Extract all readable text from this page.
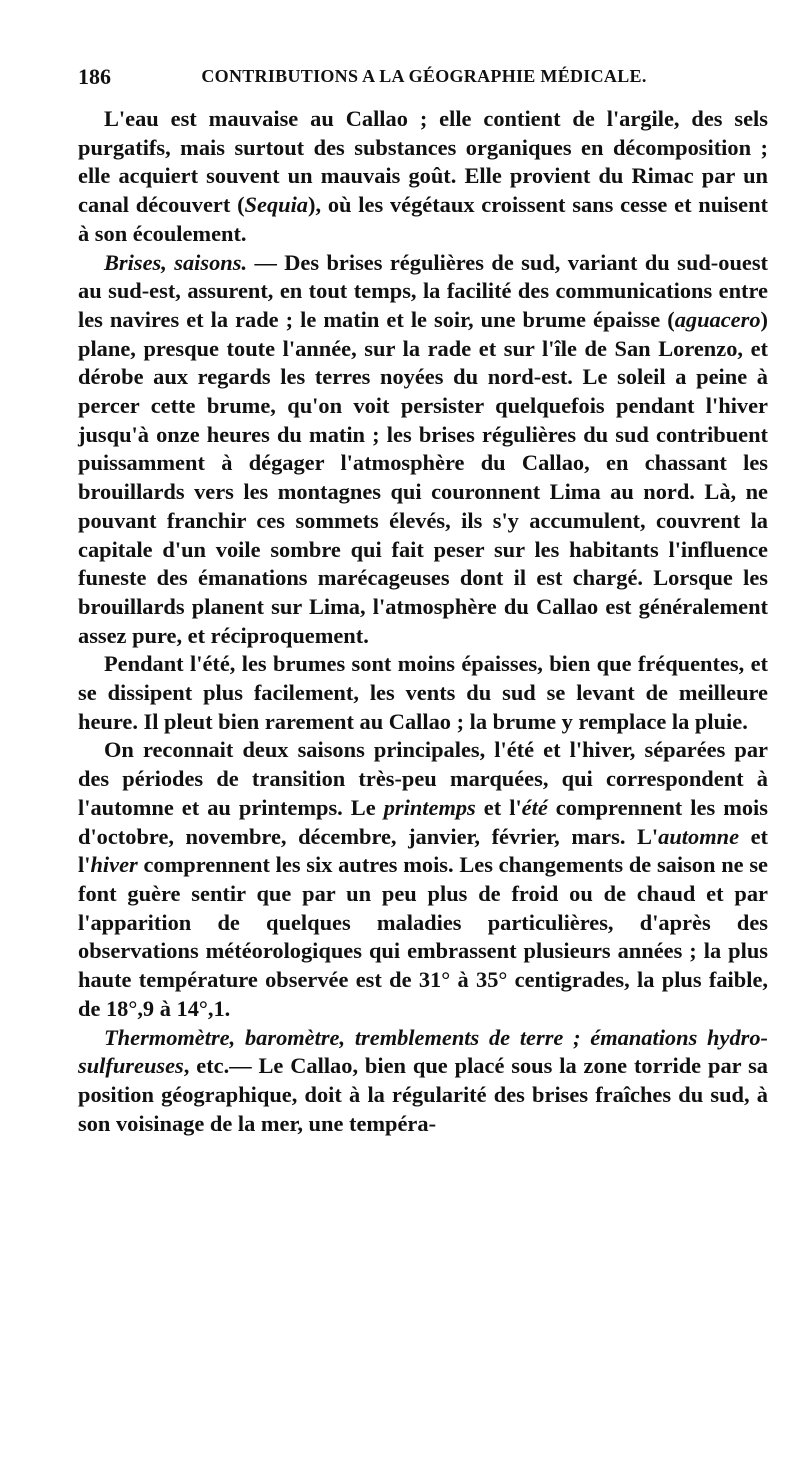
186	CONTRIBUTIONS A LA GÉOGRAPHIE MÉDICALE.

L'eau est mauvaise au Callao ; elle contient de l'argile, des sels purgatifs, mais surtout des substances organiques en décomposition ; elle acquiert souvent un mauvais goût. Elle provient du Rimac par un canal découvert (Sequia), où les végétaux croissent sans cesse et nuisent à son écoulement.

Brises, saisons. — Des brises régulières de sud, variant du sud-ouest au sud-est, assurent, en tout temps, la facilité des communications entre les navires et la rade ; le matin et le soir, une brume épaisse (aguacero) plane, presque toute l'année, sur la rade et sur l'île de San Lorenzo, et dérobe aux regards les terres noyées du nord-est. Le soleil a peine à percer cette brume, qu'on voit persister quelquefois pendant l'hiver jusqu'à onze heures du matin ; les brises régulières du sud contribuent puissamment à dégager l'atmosphère du Callao, en chassant les brouillards vers les montagnes qui couronnent Lima au nord. Là, ne pouvant franchir ces sommets élevés, ils s'y accumulent, couvrent la capitale d'un voile sombre qui fait peser sur les habitants l'influence funeste des émanations marécageuses dont il est chargé. Lorsque les brouillards planent sur Lima, l'atmosphère du Callao est généralement assez pure, et réciproquement.

Pendant l'été, les brumes sont moins épaisses, bien que fréquentes, et se dissipent plus facilement, les vents du sud se levant de meilleure heure. Il pleut bien rarement au Callao ; la brume y remplace la pluie.

On reconnait deux saisons principales, l'été et l'hiver, séparées par des périodes de transition très-peu marquées, qui correspondent à l'automne et au printemps. Le printemps et l'été comprennent les mois d'octobre, novembre, décembre, janvier, février, mars. L'automne et l'hiver comprennent les six autres mois. Les changements de saison ne se font guère sentir que par un peu plus de froid ou de chaud et par l'apparition de quelques maladies particulières, d'après des observations météorologiques qui embrassent plusieurs années ; la plus haute température observée est de 31° à 35° centigrades, la plus faible, de 18°,9 à 14°,1.

Thermomètre, baromètre, tremblements de terre ; émanations hydro-sulfureuses, etc.— Le Callao, bien que placé sous la zone torride par sa position géographique, doit à la régularité des brises fraîches du sud, à son voisinage de la mer, une tempéra-
